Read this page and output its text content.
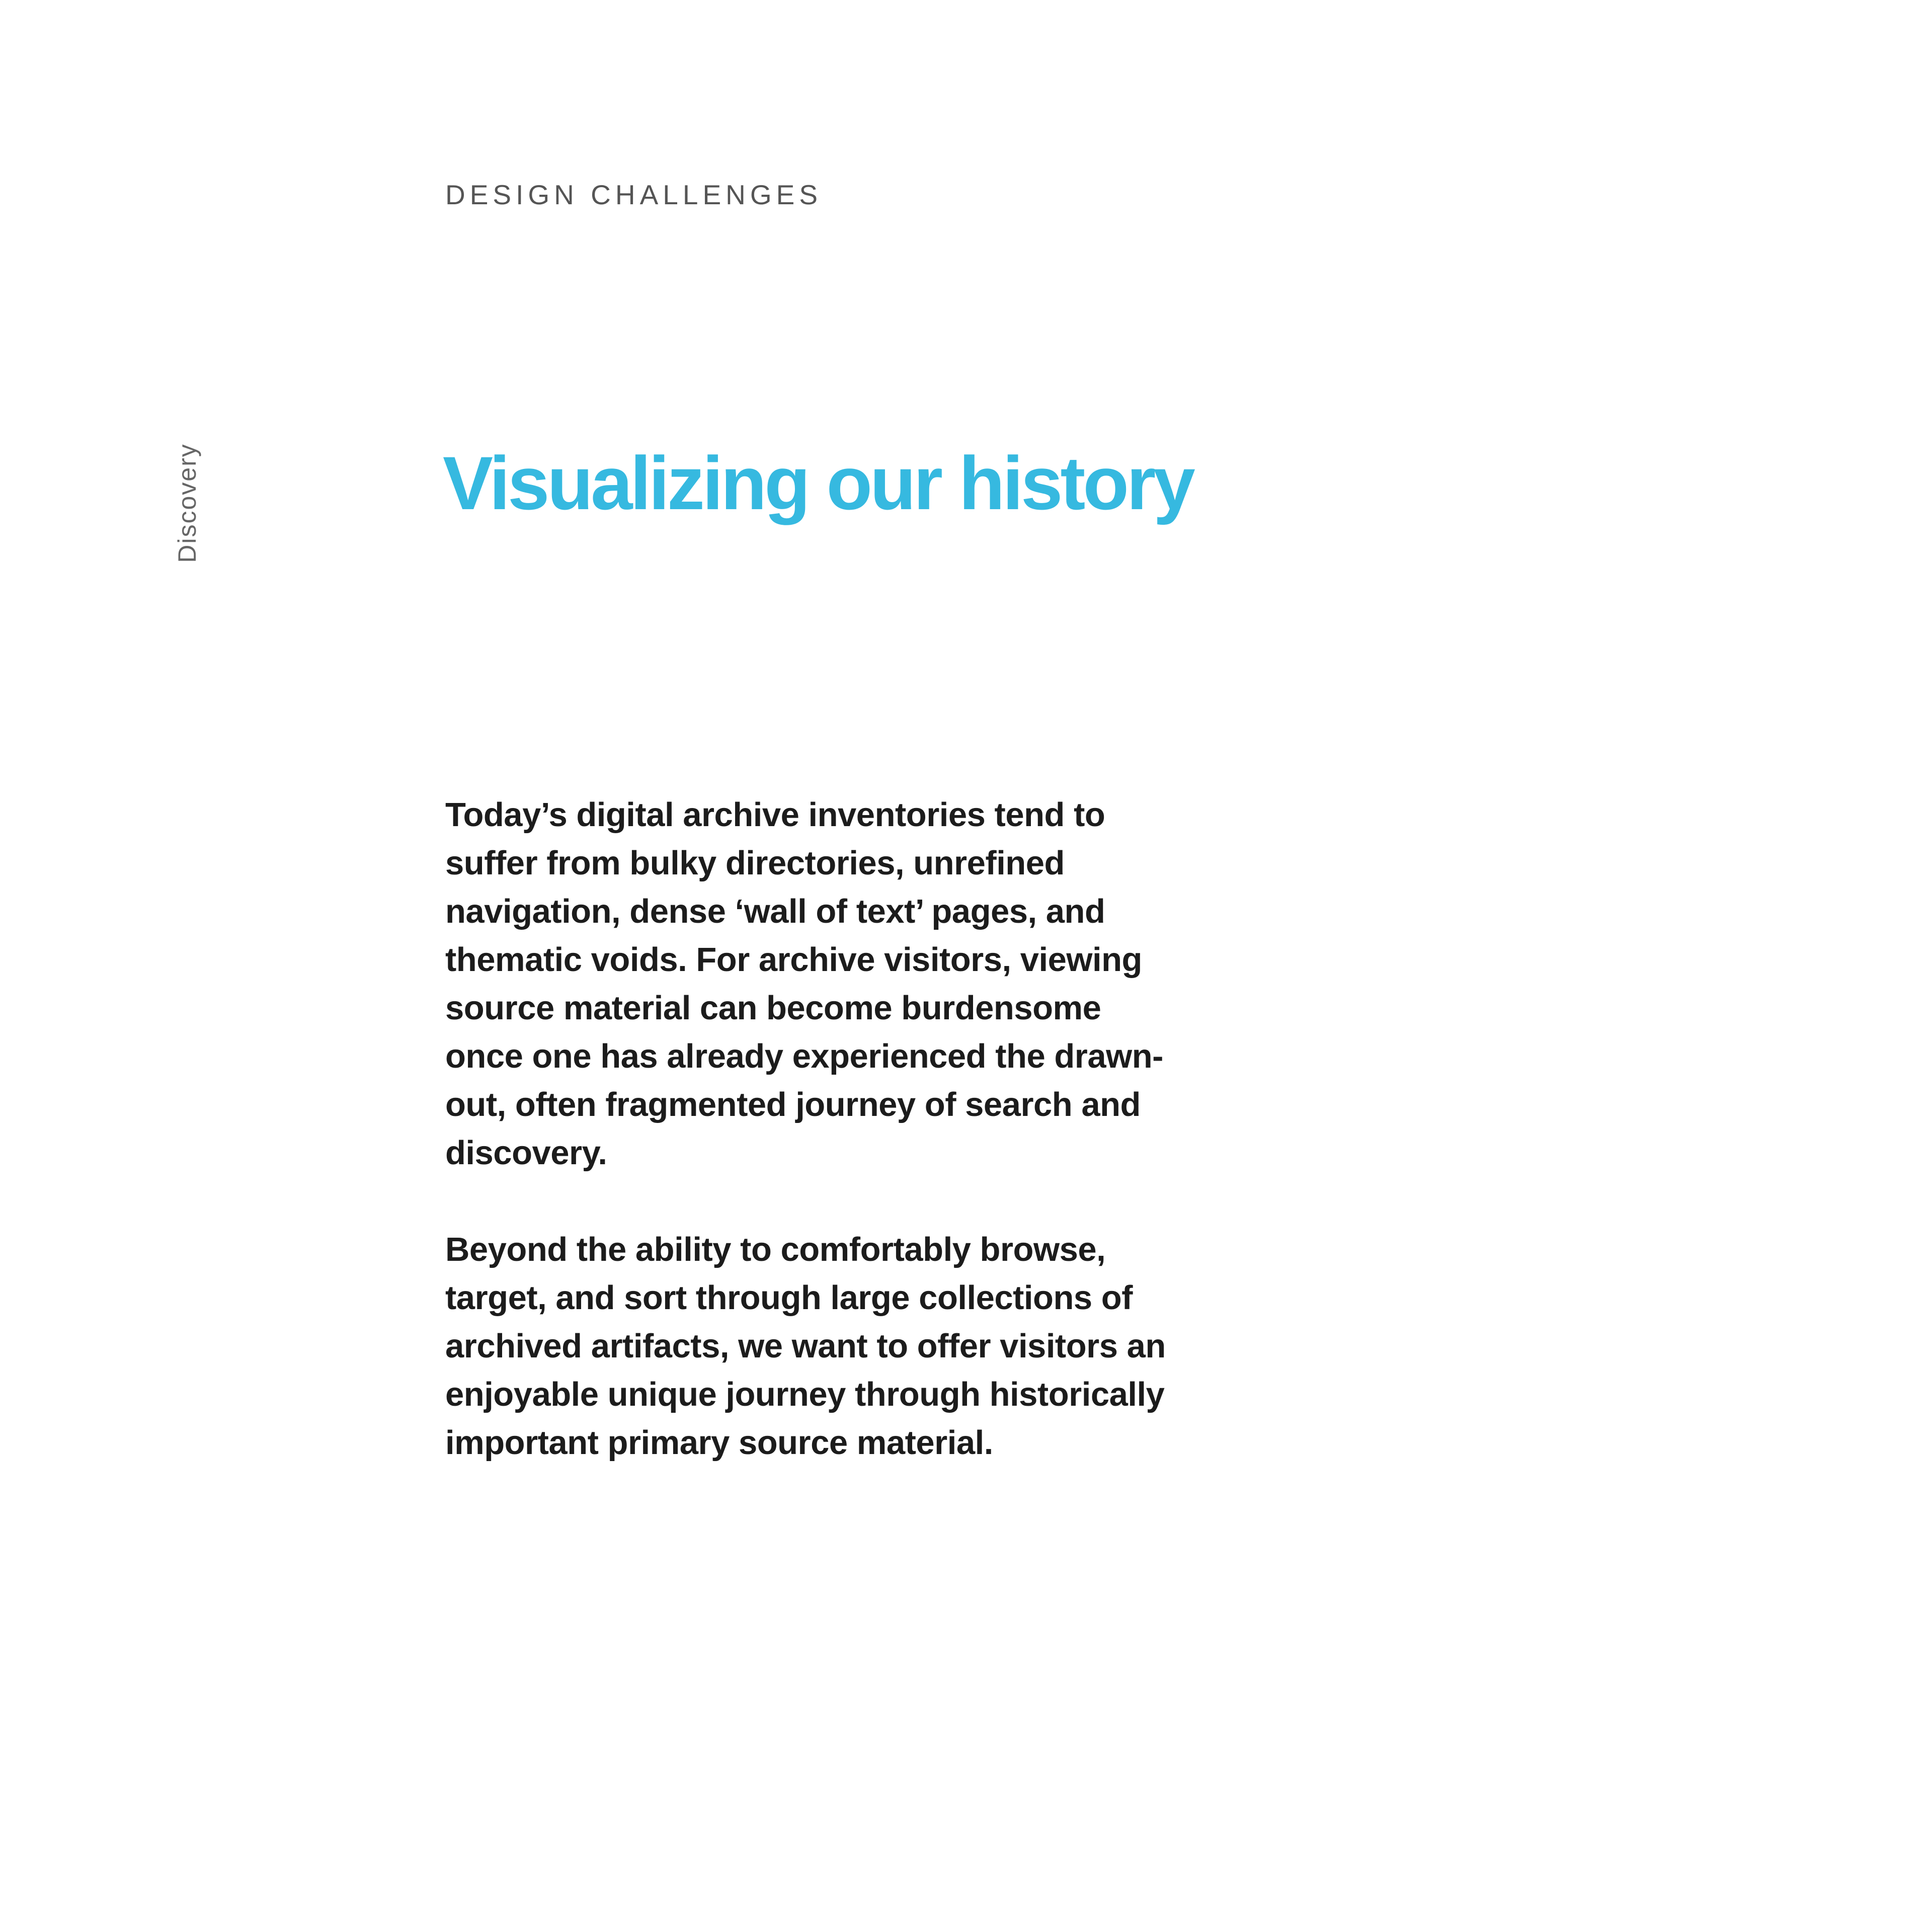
Discovery
DESIGN CHALLENGES
Visualizing our history

Today’s digital archive inventories tend to suffer from bulky directories, unrefined navigation, dense ‘wall of text’ pages, and thematic voids. For archive visitors, viewing source material can become burdensome once one has already experienced the drawn-out, often fragmented journey of search and discovery.

Beyond the ability to comfortably browse, target, and sort through large collections of archived artifacts, we want to offer visitors an enjoyable unique journey through historically important primary source material.
